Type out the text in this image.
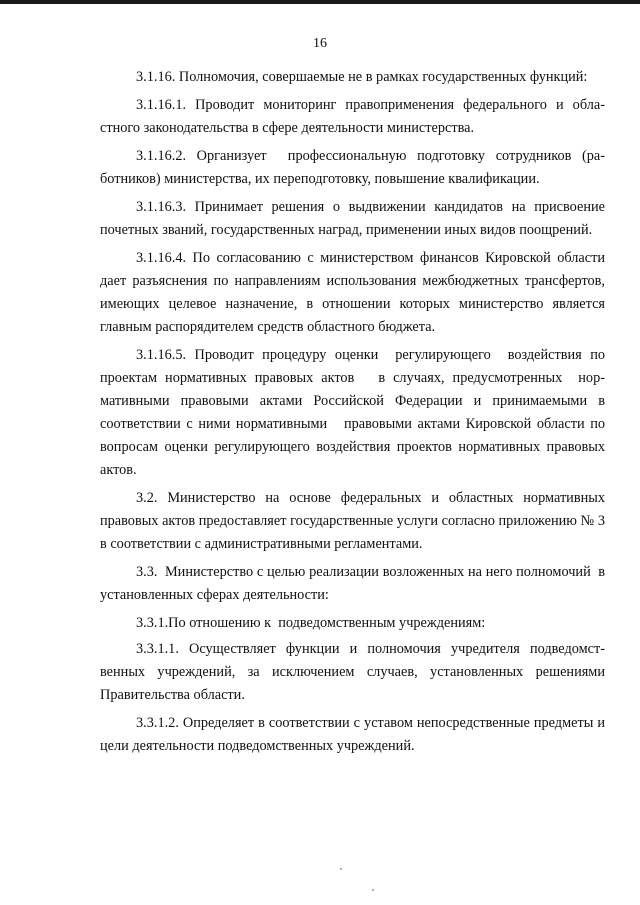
16

3.1.16. Полномочия, совершаемые не в рамках государственных функций:

3.1.16.1. Проводит мониторинг правоприменения федерального и областного законодательства в сфере деятельности министерства.

3.1.16.2. Организует  профессиональную подготовку сотрудников (работников) министерства, их переподготовку, повышение квалификации.

3.1.16.3. Принимает решения о выдвижении кандидатов на присвоение почетных званий, государственных наград, применении иных видов поощрений.

3.1.16.4. По согласованию с министерством финансов Кировской области дает разъяснения по направлениям использования межбюджетных трансфертов, имеющих целевое назначение, в отношении которых министерство является главным распорядителем средств областного бюджета.

3.1.16.5. Проводит процедуру оценки  регулирующего  воздействия по проектам нормативных правовых актов   в случаях, предусмотренных  нормативными правовыми актами Российской Федерации и принимаемыми в соответствии с ними нормативными   правовыми актами Кировской области по  вопросам оценки регулирующего воздействия проектов нормативных правовых актов.

3.2. Министерство на основе федеральных и областных нормативных правовых актов предоставляет государственные услуги согласно приложению № 3 в соответствии с административными регламентами.

3.3.  Министерство с целью реализации возложенных на него полномочий  в установленных сферах деятельности:

3.3.1.По отношению к  подведомственным учреждениям:

3.3.1.1. Осуществляет функции и полномочия учредителя подведомственных учреждений, за исключением случаев, установленных решениями Правительства области.

3.3.1.2. Определяет в соответствии с уставом непосредственные предметы и цели деятельности подведомственных учреждений.
